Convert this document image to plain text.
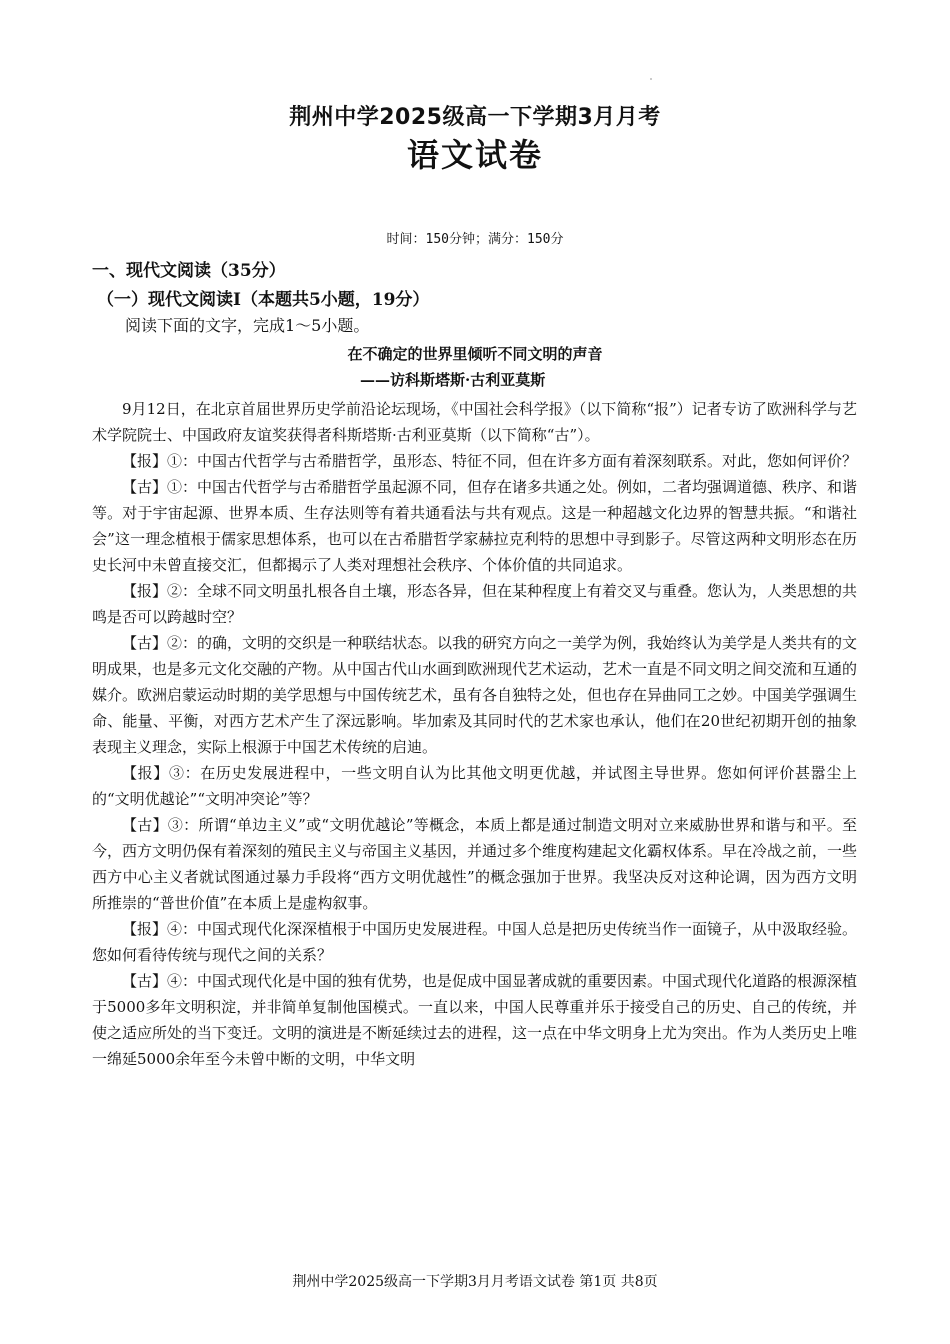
荆州中学2025级高一下学期3月月考
语文试卷
时间：150分钟；满分：150分
一、现代文阅读（35分）
（一）现代文阅读I（本题共5小题，19分）
阅读下面的文字，完成1～5小题。
在不确定的世界里倾听不同文明的声音
——访科斯塔斯·古利亚莫斯

9月12日，在北京首届世界历史学前沿论坛现场，《中国社会科学报》（以下简称“报”）记者专访了欧洲科学与艺术学院院士、中国政府友谊奖获得者科斯塔斯·古利亚莫斯（以下简称“古”）。

【报】①：中国古代哲学与古希腊哲学，虽形态、特征不同，但在许多方面有着深刻联系。对此，您如何评价？

【古】①：中国古代哲学与古希腊哲学虽起源不同，但存在诸多共通之处。例如，二者均强调道德、秩序、和谐等。对于宇宙起源、世界本质、生存法则等有着共通看法与共有观点。这是一种超越文化边界的智慧共振。“和谐社会”这一理念植根于儒家思想体系，也可以在古希腊哲学家赫拉克利特的思想中寻到影子。尽管这两种文明形态在历史长河中未曾直接交汇，但都揭示了人类对理想社会秩序、个体价值的共同追求。

【报】②：全球不同文明虽扎根各自土壤，形态各异，但在某种程度上有着交叉与重叠。您认为，人类思想的共鸣是否可以跨越时空？

【古】②：的确，文明的交织是一种联结状态。以我的研究方向之一美学为例，我始终认为美学是人类共有的文明成果，也是多元文化交融的产物。从中国古代山水画到欧洲现代艺术运动，艺术一直是不同文明之间交流和互通的媒介。欧洲启蒙运动时期的美学思想与中国传统艺术，虽有各自独特之处，但也存在异曲同工之妙。中国美学强调生命、能量、平衡，对西方艺术产生了深远影响。毕加索及其同时代的艺术家也承认，他们在20世纪初期开创的抽象表现主义理念，实际上根源于中国艺术传统的启迪。

【报】③：在历史发展进程中，一些文明自认为比其他文明更优越，并试图主导世界。您如何评价甚嚣尘上的“文明优越论”“文明冲突论”等？

【古】③：所谓“单边主义”或“文明优越论”等概念，本质上都是通过制造文明对立来威胁世界和谐与和平。至今，西方文明仍保有着深刻的殖民主义与帝国主义基因，并通过多个维度构建起文化霸权体系。早在冷战之前，一些西方中心主义者就试图通过暴力手段将“西方文明优越性”的概念强加于世界。我坚决反对这种论调，因为西方文明所推崇的“普世价值”在本质上是虚构叙事。

【报】④：中国式现代化深深植根于中国历史发展进程。中国人总是把历史传统当作一面镜子，从中汲取经验。您如何看待传统与现代之间的关系？

【古】④：中国式现代化是中国的独有优势，也是促成中国显著成就的重要因素。中国式现代化道路的根源深植于5000多年文明积淀，并非简单复制他国模式。一直以来，中国人民尊重并乐于接受自己的历史、自己的传统，并使之适应所处的当下变迁。文明的演进是不断延续过去的进程，这一点在中华文明身上尤为突出。作为人类历史上唯一绵延5000余年至今未曾中断的文明，中华文明

荆州中学2025级高一下学期3月月考语文试卷 第1页 共8页
